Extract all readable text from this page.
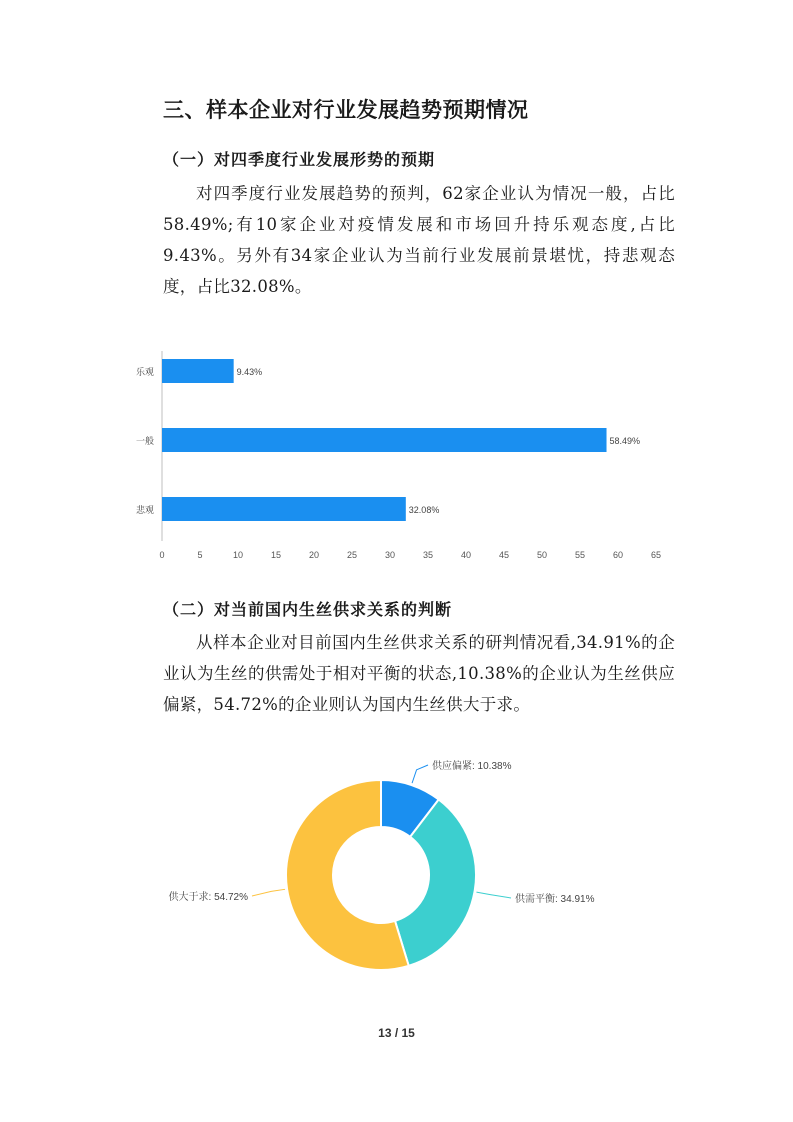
三、样本企业对行业发展趋势预期情况
（一）对四季度行业发展形势的预期

对四季度行业发展趋势的预判，62家企业认为情况一般，占比58.49%;有10家企业对疫情发展和市场回升持乐观态度,占比9.43%。另外有34家企业认为当前行业发展前景堪忧，持悲观态度，占比32.08%。

乐观	9.43%
一般	58.49%
悲观	32.08%
0	5	10	15	20	25	30	35	40	45	50	55	60	65
（二）对当前国内生丝供求关系的判断

从样本企业对目前国内生丝供求关系的研判情况看,34.91%的企业认为生丝的供需处于相对平衡的状态,10.38%的企业认为生丝供应偏紧，54.72%的企业则认为国内生丝供大于求。

供应偏紧: 10.38%
供需平衡: 34.91%
供大于求: 54.72%
13 / 15
